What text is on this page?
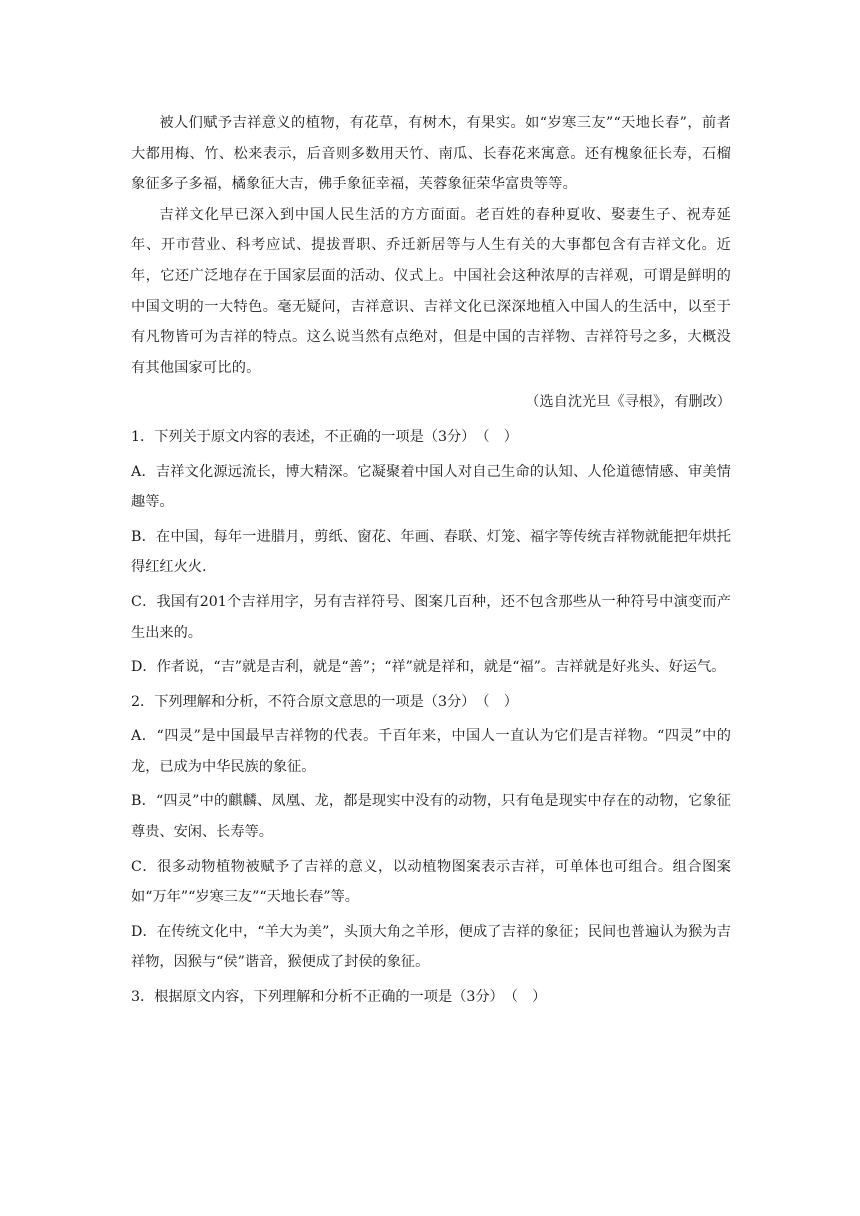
被人们赋予吉祥意义的植物，有花草，有树木，有果实。如“岁寒三友”“天地长春”，前者大都用梅、竹、松来表示，后音则多数用天竹、南瓜、长春花来寓意。还有槐象征长寿，石榴象征多子多福，橘象征大吉，佛手象征幸福，芙蓉象征荣华富贵等等。

吉祥文化早已深入到中国人民生活的方方面面。老百姓的春种夏收、娶妻生子、祝寿延年、开市营业、科考应试、提拔晋职、乔迁新居等与人生有关的大事都包含有吉祥文化。近年，它还广泛地存在于国家层面的活动、仪式上。中国社会这种浓厚的吉祥观，可谓是鲜明的中国文明的一大特色。毫无疑问，吉祥意识、吉祥文化已深深地植入中国人的生活中，以至于有凡物皆可为吉祥的特点。这么说当然有点绝对，但是中国的吉祥物、吉祥符号之多，大概没有其他国家可比的。

（选自沈光旦《寻根》，有删改）

1．下列关于原文内容的表述，不正确的一项是（3分）　（　）

A．吉祥文化源远流长，博大精深。它凝聚着中国人对自己生命的认知、人伦道德情感、审美情趣等。

B．在中国，每年一进腊月，剪纸、窗花、年画、春联、灯笼、福字等传统吉祥物就能把年烘托得红红火火.

C．我国有201个吉祥用字，另有吉祥符号、图案几百种，还不包含那些从一种符号中演变而产生出来的。

D．作者说，“吉”就是吉利，就是“善”；“祥”就是祥和，就是“福”。吉祥就是好兆头、好运气。

2．下列理解和分析，不符合原文意思的一项是（3分）　（　）

A．“四灵”是中国最早吉祥物的代表。千百年来，中国人一直认为它们是吉祥物。“四灵”中的龙，已成为中华民族的象征。

B．“四灵”中的麒麟、凤凰、龙，都是现实中没有的动物，只有龟是现实中存在的动物，它象征尊贵、安闲、长寿等。

C．很多动物植物被赋予了吉祥的意义，以动植物图案表示吉祥，可单体也可组合。组合图案如“万年”“岁寒三友”“天地长春”等。

D．在传统文化中，“羊大为美”，头顶大角之羊形，便成了吉祥的象征；民间也普遍认为猴为吉祥物，因猴与“侯”谐音，猴便成了封侯的象征。

3．根据原文内容，下列理解和分析不正确的一项是（3分）　（　）
